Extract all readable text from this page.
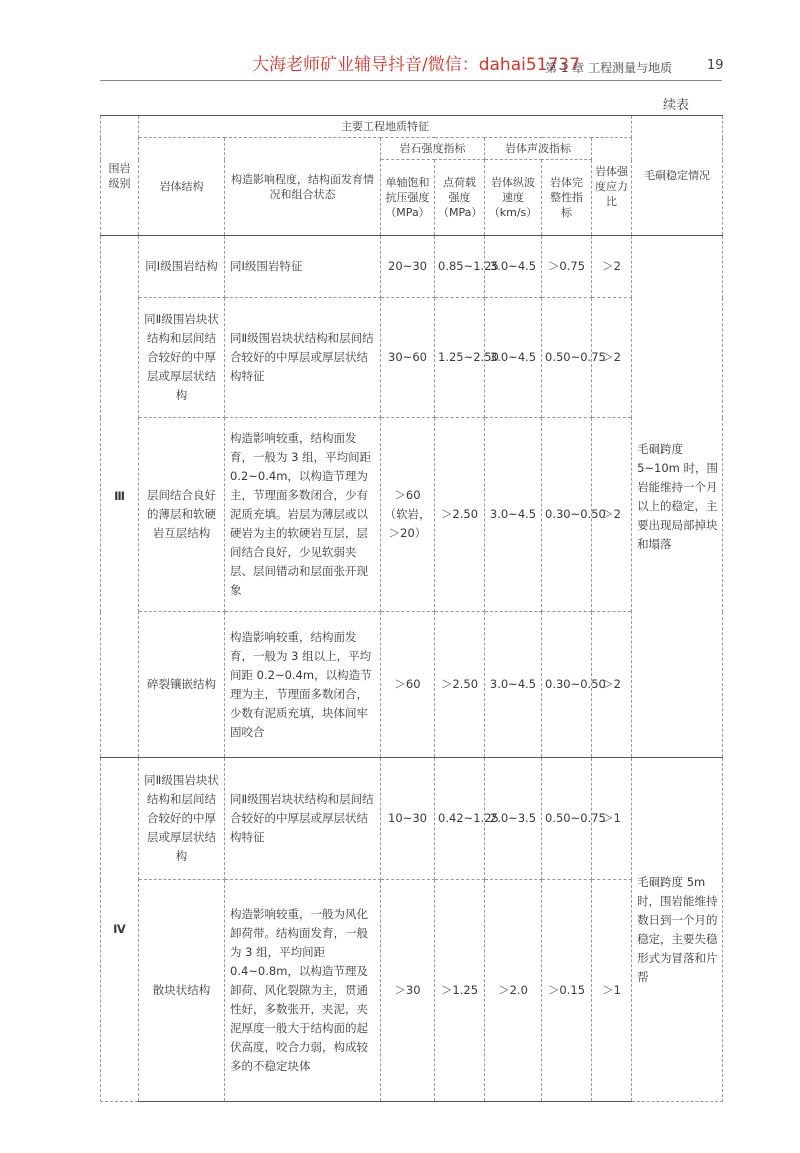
大海老师矿业辅导抖音/微信：dahai51737
第 1 章 工程测量与地质	19
续表
围岩级别	主要工程地质特征							毛硐稳定情况
	岩体结构	构造影响程度，结构面发育情况和组合状态	岩石强度指标		岩体声波指标		岩体强度应力比	
			单轴饱和抗压强度（MPa）	点荷载强度（MPa）	岩体纵波速度（km/s）	岩体完整性指标		
Ⅲ	同Ⅰ级围岩结构	同Ⅰ级围岩特征	20~30	0.85~1.25	3.0~4.5	＞0.75	＞2	毛硐跨度 5~10m 时，围岩能维持一个月以上的稳定，主要出现局部掉块和塌落
	同Ⅱ级围岩块状结构和层间结合较好的中厚层或厚层状结构	同Ⅱ级围岩块状结构和层间结合较好的中厚层或厚层状结构特征	30~60	1.25~2.50	3.0~4.5	0.50~0.75	＞2	
	层间结合良好的薄层和软硬岩互层结构	构造影响较重，结构面发育，一般为 3 组，平均间距 0.2~0.4m，以构造节理为主，节理面多数闭合，少有泥质充填。岩层为薄层或以硬岩为主的软硬岩互层，层间结合良好，少见软弱夹层、层间错动和层面张开现象	＞60（软岩，＞20）	＞2.50	3.0~4.5	0.30~0.50	＞2	
	碎裂镶嵌结构	构造影响较重，结构面发育，一般为 3 组以上，平均间距 0.2~0.4m，以构造节理为主，节理面多数闭合，少数有泥质充填，块体间牢固咬合	＞60	＞2.50	3.0~4.5	0.30~0.50	＞2	
Ⅳ	同Ⅱ级围岩块状结构和层间结合较好的中厚层或厚层状结构	同Ⅱ级围岩块状结构和层间结合较好的中厚层或厚层状结构特征	10~30	0.42~1.25	2.0~3.5	0.50~0.75	＞1	毛硐跨度 5m 时，围岩能维持数日到一个月的稳定，主要失稳形式为冒落和片帮
	散块状结构	构造影响较重，一般为风化卸荷带。结构面发育，一般为 3 组，平均间距 0.4~0.8m，以构造节理及卸荷、风化裂隙为主，贯通性好，多数张开，夹泥，夹泥厚度一般大于结构面的起伏高度，咬合力弱，构成较多的不稳定块体	＞30	＞1.25	＞2.0	＞0.15	＞1	
